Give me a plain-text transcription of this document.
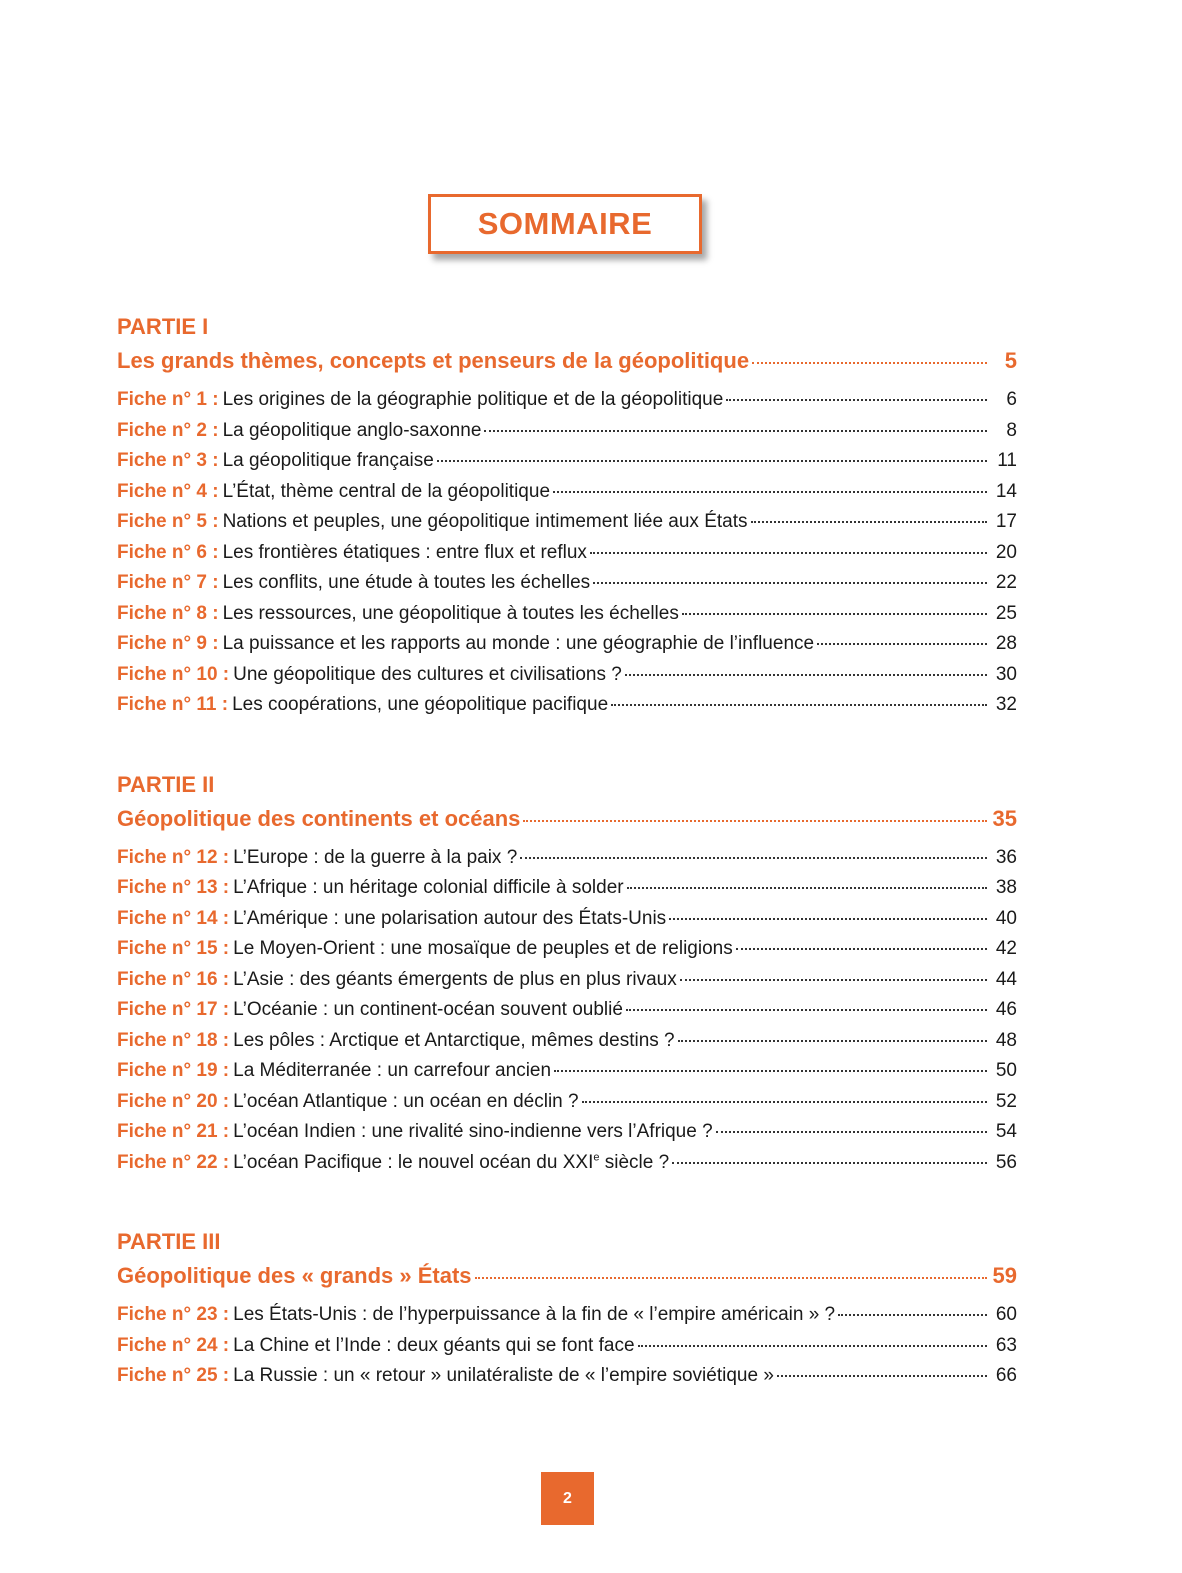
SOMMAIRE
PARTIE I
Les grands thèmes, concepts et penseurs de la géopolitique	5
Fiche n° 1 : Les origines de la géographie politique et de la géopolitique	6
Fiche n° 2 : La géopolitique anglo-saxonne	8
Fiche n° 3 : La géopolitique française	11
Fiche n° 4 : L’État, thème central de la géopolitique	14
Fiche n° 5 : Nations et peuples, une géopolitique intimement liée aux États	17
Fiche n° 6 : Les frontières étatiques : entre flux et reflux	20
Fiche n° 7 : Les conflits, une étude à toutes les échelles	22
Fiche n° 8 : Les ressources, une géopolitique à toutes les échelles	25
Fiche n° 9 : La puissance et les rapports au monde : une géographie de l’influence	28
Fiche n° 10 : Une géopolitique des cultures et civilisations ?	30
Fiche n° 11 : Les coopérations, une géopolitique pacifique	32
PARTIE II
Géopolitique des continents et océans	35
Fiche n° 12 : L’Europe : de la guerre à la paix ?	36
Fiche n° 13 : L’Afrique : un héritage colonial difficile à solder	38
Fiche n° 14 : L’Amérique : une polarisation autour des États-Unis	40
Fiche n° 15 : Le Moyen-Orient : une mosaïque de peuples et de religions	42
Fiche n° 16 : L’Asie : des géants émergents de plus en plus rivaux	44
Fiche n° 17 : L’Océanie : un continent-océan souvent oublié	46
Fiche n° 18 : Les pôles : Arctique et Antarctique, mêmes destins ?	48
Fiche n° 19 : La Méditerranée : un carrefour ancien	50
Fiche n° 20 : L’océan Atlantique : un océan en déclin ?	52
Fiche n° 21 : L’océan Indien : une rivalité sino-indienne vers l’Afrique ?	54
Fiche n° 22 : L’océan Pacifique : le nouvel océan du XXIe siècle ?	56
PARTIE III
Géopolitique des « grands » États	59
Fiche n° 23 : Les États-Unis : de l’hyperpuissance à la fin de « l’empire américain » ?	60
Fiche n° 24 : La Chine et l’Inde : deux géants qui se font face	63
Fiche n° 25 : La Russie : un « retour » unilatéraliste de « l’empire soviétique »	66
2
